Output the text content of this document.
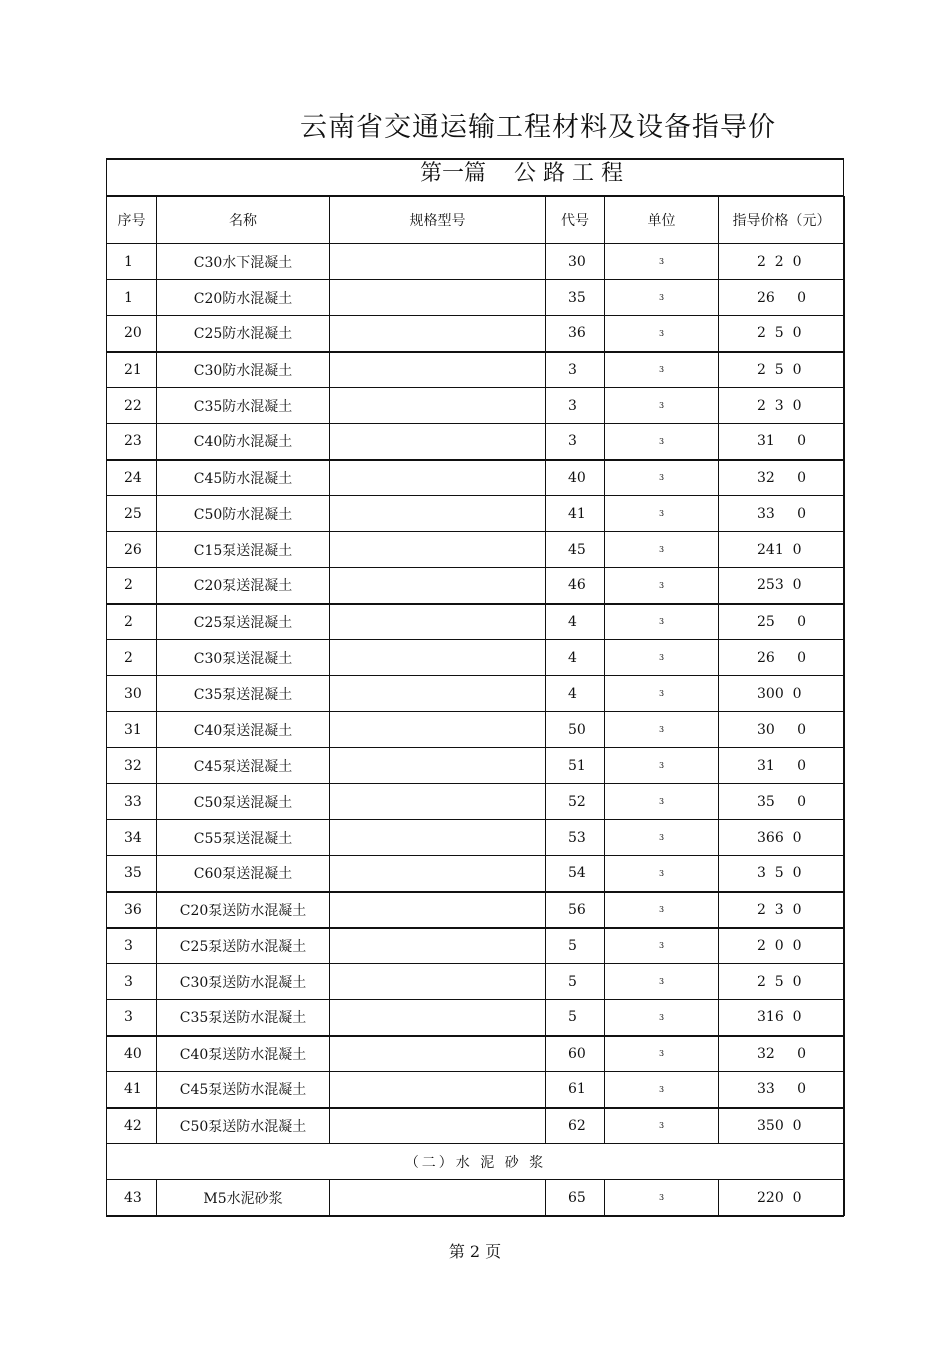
云南省交通运输工程材料及设备指导价
第一篇    公 路 工 程
序号	名称	规格型号	代号	单位	指导价格（元）
1	C30水下混凝土		30	3	2  2  0
1	C20防水混凝土		35	3	26     0
20	C25防水混凝土		36	3	2  5  0
21	C30防水混凝土		3	3	2  5  0
22	C35防水混凝土		3	3	2  3  0
23	C40防水混凝土		3	3	31     0
24	C45防水混凝土		40	3	32     0
25	C50防水混凝土		41	3	33     0
26	C15泵送混凝土		45	3	241  0
2	C20泵送混凝土		46	3	253  0
2	C25泵送混凝土		4	3	25     0
2	C30泵送混凝土		4	3	26     0
30	C35泵送混凝土		4	3	300  0
31	C40泵送混凝土		50	3	30     0
32	C45泵送混凝土		51	3	31     0
33	C50泵送混凝土		52	3	35     0
34	C55泵送混凝土		53	3	366  0
35	C60泵送混凝土		54	3	3  5  0
36	C20泵送防水混凝土		56	3	2  3  0
3	C25泵送防水混凝土		5	3	2  0  0
3	C30泵送防水混凝土		5	3	2  5  0
3	C35泵送防水混凝土		5	3	316  0
40	C40泵送防水混凝土		60	3	32     0
41	C45泵送防水混凝土		61	3	33     0
42	C50泵送防水混凝土		62	3	350  0
（二）水 泥 砂 浆					
43	M5水泥砂浆		65	3	220  0
第 2 页
